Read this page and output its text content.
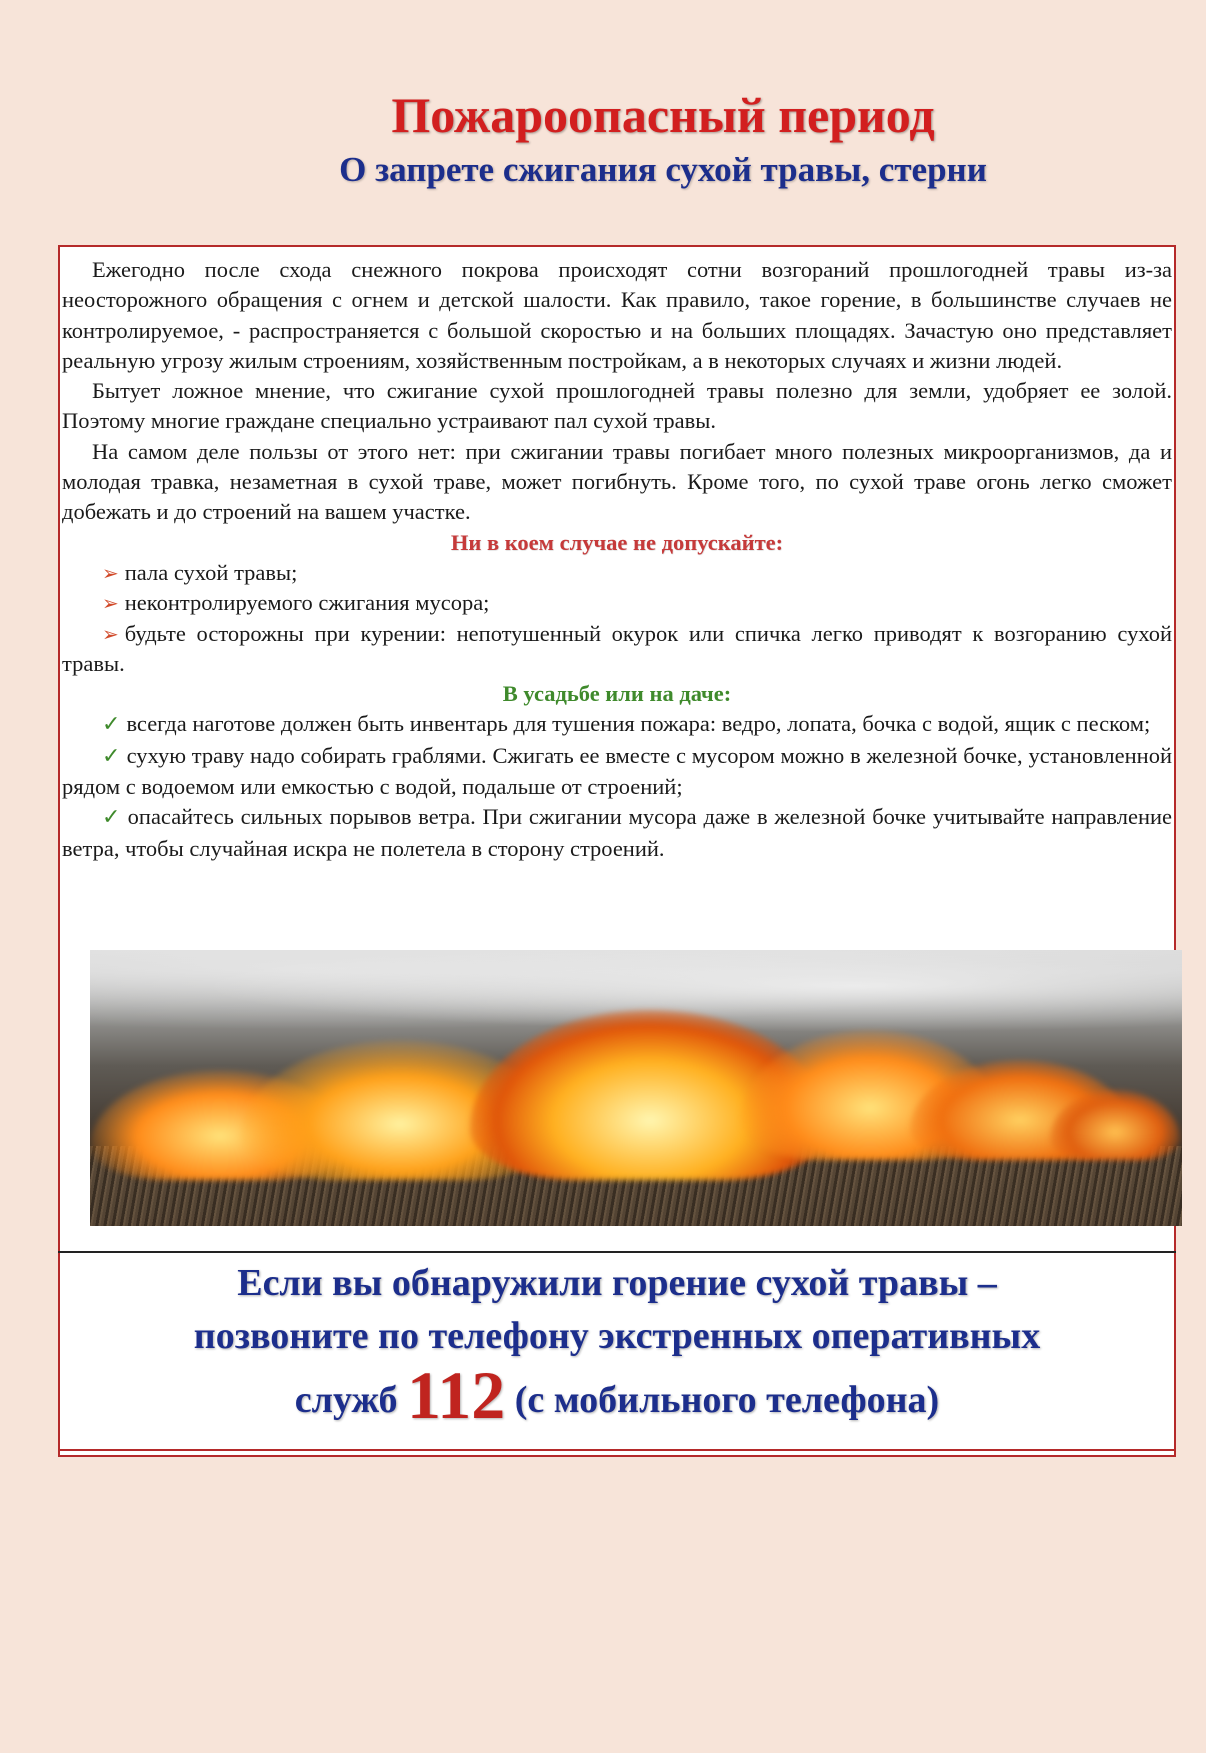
Пожароопасный период
О запрете сжигания сухой травы, стерни

Ежегодно после схода снежного покрова происходят сотни возгораний прошлогодней травы из-за неосторожного обращения с огнем и детской шалости. Как правило, такое горение, в большинстве случаев не контролируемое, - распространяется с большой скоростью и на больших площадях. Зачастую оно представляет реальную угрозу жилым строениям, хозяйственным постройкам, а в некоторых случаях и жизни людей.

Бытует ложное мнение, что сжигание сухой прошлогодней травы полезно для земли, удобряет ее золой. Поэтому многие граждане специально устраивают пал сухой травы.

На самом деле пользы от этого нет: при сжигании травы погибает много полезных микроорганизмов, да и молодая травка, незаметная в сухой траве, может погибнуть. Кроме того, по сухой траве огонь легко сможет добежать и до строений на вашем участке.

Ни в коем случае не допускайте:

➢ пала сухой травы;

➢ неконтролируемого сжигания мусора;

➢ будьте осторожны при курении: непотушенный окурок или спичка легко приводят к возгоранию сухой травы.

В усадьбе или на даче:

✓ всегда наготове должен быть инвентарь для тушения пожара: ведро, лопата, бочка с водой, ящик с песком;

✓ сухую траву надо собирать граблями. Сжигать ее вместе с мусором можно в железной бочке, установленной рядом с водоемом или емкостью с водой, подальше от строений;

✓ опасайтесь сильных порывов ветра. При сжигании мусора даже в железной бочке учитывайте направление ветра, чтобы случайная искра не полетела в сторону строений.

Если вы обнаружили горение сухой травы –
позвоните по телефону экстренных оперативных
служб 112 (с мобильного телефона)
